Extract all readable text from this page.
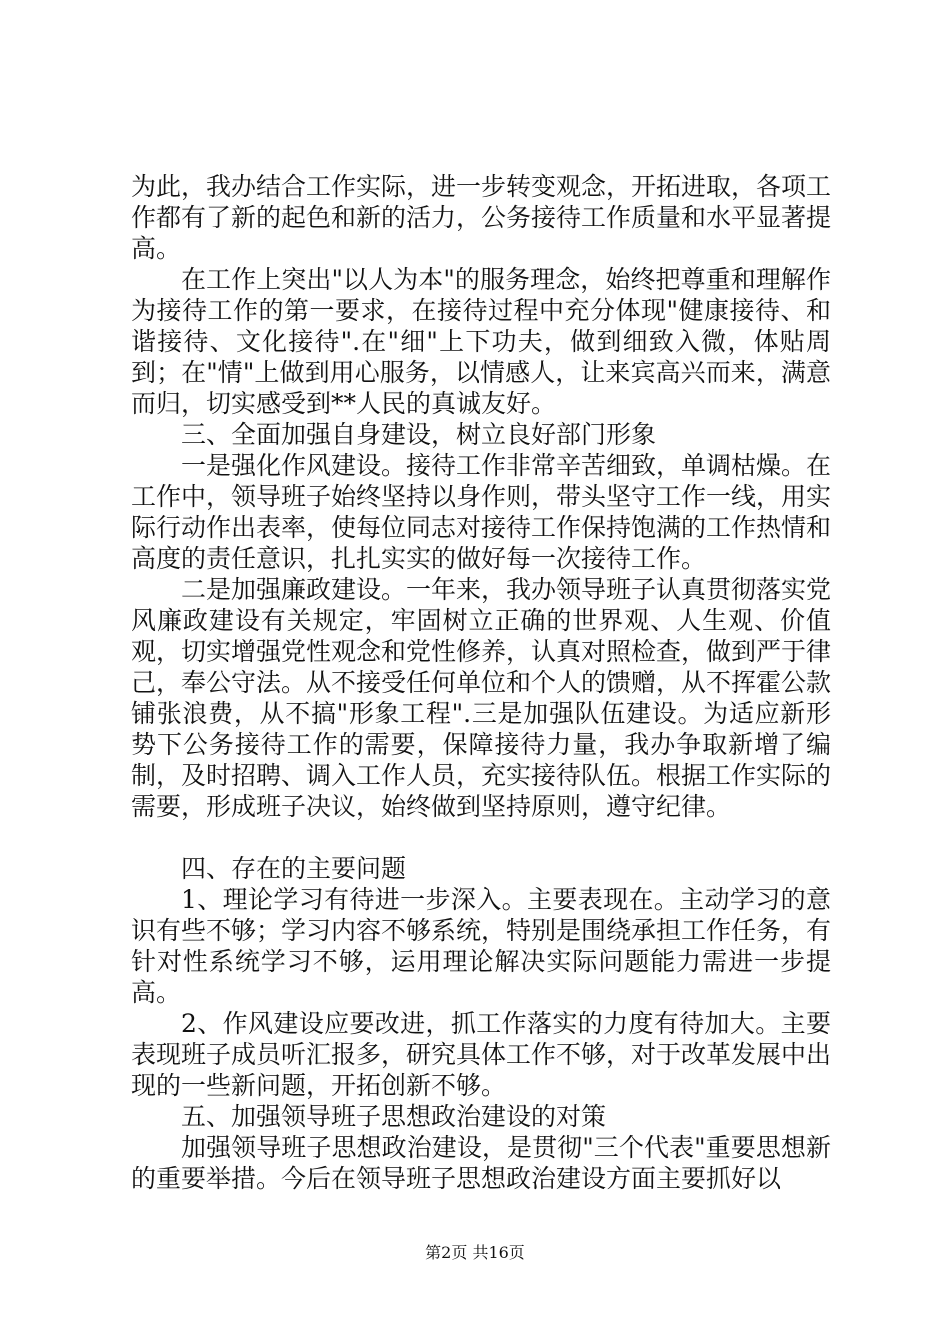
为此，我办结合工作实际，进一步转变观念，开拓进取，各项工作都有了新的起色和新的活力，公务接待工作质量和水平显著提高。

在工作上突出"以人为本"的服务理念，始终把尊重和理解作为接待工作的第一要求，在接待过程中充分体现"健康接待、和谐接待、文化接待".在"细"上下功夫，做到细致入微，体贴周到；在"情"上做到用心服务，以情感人，让来宾高兴而来，满意而归，切实感受到**人民的真诚友好。

三、全面加强自身建设，树立良好部门形象

一是强化作风建设。接待工作非常辛苦细致，单调枯燥。在工作中，领导班子始终坚持以身作则，带头坚守工作一线，用实际行动作出表率，使每位同志对接待工作保持饱满的工作热情和高度的责任意识，扎扎实实的做好每一次接待工作。

二是加强廉政建设。一年来，我办领导班子认真贯彻落实党风廉政建设有关规定，牢固树立正确的世界观、人生观、价值观，切实增强党性观念和党性修养，认真对照检查，做到严于律己，奉公守法。从不接受任何单位和个人的馈赠，从不挥霍公款铺张浪费，从不搞"形象工程".三是加强队伍建设。为适应新形势下公务接待工作的需要，保障接待力量，我办争取新增了编制，及时招聘、调入工作人员，充实接待队伍。根据工作实际的需要，形成班子决议，始终做到坚持原则，遵守纪律。

四、存在的主要问题

1、理论学习有待进一步深入。主要表现在。主动学习的意识有些不够；学习内容不够系统，特别是围绕承担工作任务，有针对性系统学习不够，运用理论解决实际问题能力需进一步提高。

2、作风建设应要改进，抓工作落实的力度有待加大。主要表现班子成员听汇报多，研究具体工作不够，对于改革发展中出现的一些新问题，开拓创新不够。

五、加强领导班子思想政治建设的对策

加强领导班子思想政治建设，是贯彻"三个代表"重要思想新的重要举措。今后在领导班子思想政治建设方面主要抓好以

第2页 共16页
